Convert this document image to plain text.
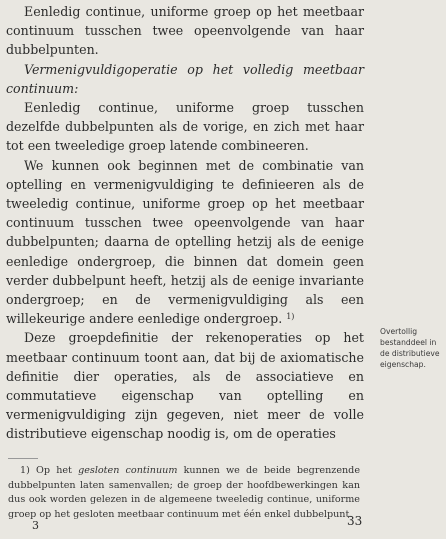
Eenledig continue, uniforme groep op het meetbaar continuum tusschen twee opeenvolgende van haar dubbelpunten.

Vermenigvuldigoperatie op het volledig meetbaar continuum:

Eenledig continue, uniforme groep tusschen dezelfde dubbelpunten als de vorige, en zich met haar tot een tweeledige groep latende combineeren.

We kunnen ook beginnen met de combinatie van optelling en vermenigvuldiging te definieeren als de tweeledig continue, uniforme groep op het meetbaar continuum tusschen twee opeenvolgende van haar dubbelpunten; daarna de optelling hetzij als de eenige eenledige ondergroep, die binnen dat domein geen verder dubbelpunt heeft, hetzij als de eenige invariante ondergroep; en de vermenigvuldiging als een willekeurige andere eenledige ondergroep. $^{1)}$

Deze groepdefinitie der rekenoperaties op het meetbaar continuum toont aan, dat bij de axiomatische definitie dier operaties, als de associatieve en commutatieve eigenschap van optelling en vermenigvuldiging zijn gegeven, niet meer de volle distributieve eigenschap noodig is, om de operaties

Overtollig bestanddeel in de distributieve eigenschap.

1) Op het gesloten continuum kunnen we de beide begrenzende dubbelpunten laten samenvallen; de groep der hoofdbewerkingen kan dus ook worden gelezen in de algemeene tweeledig continue, uniforme groep op het gesloten meetbaar continuum met één enkel dubbelpunt.

3	33
